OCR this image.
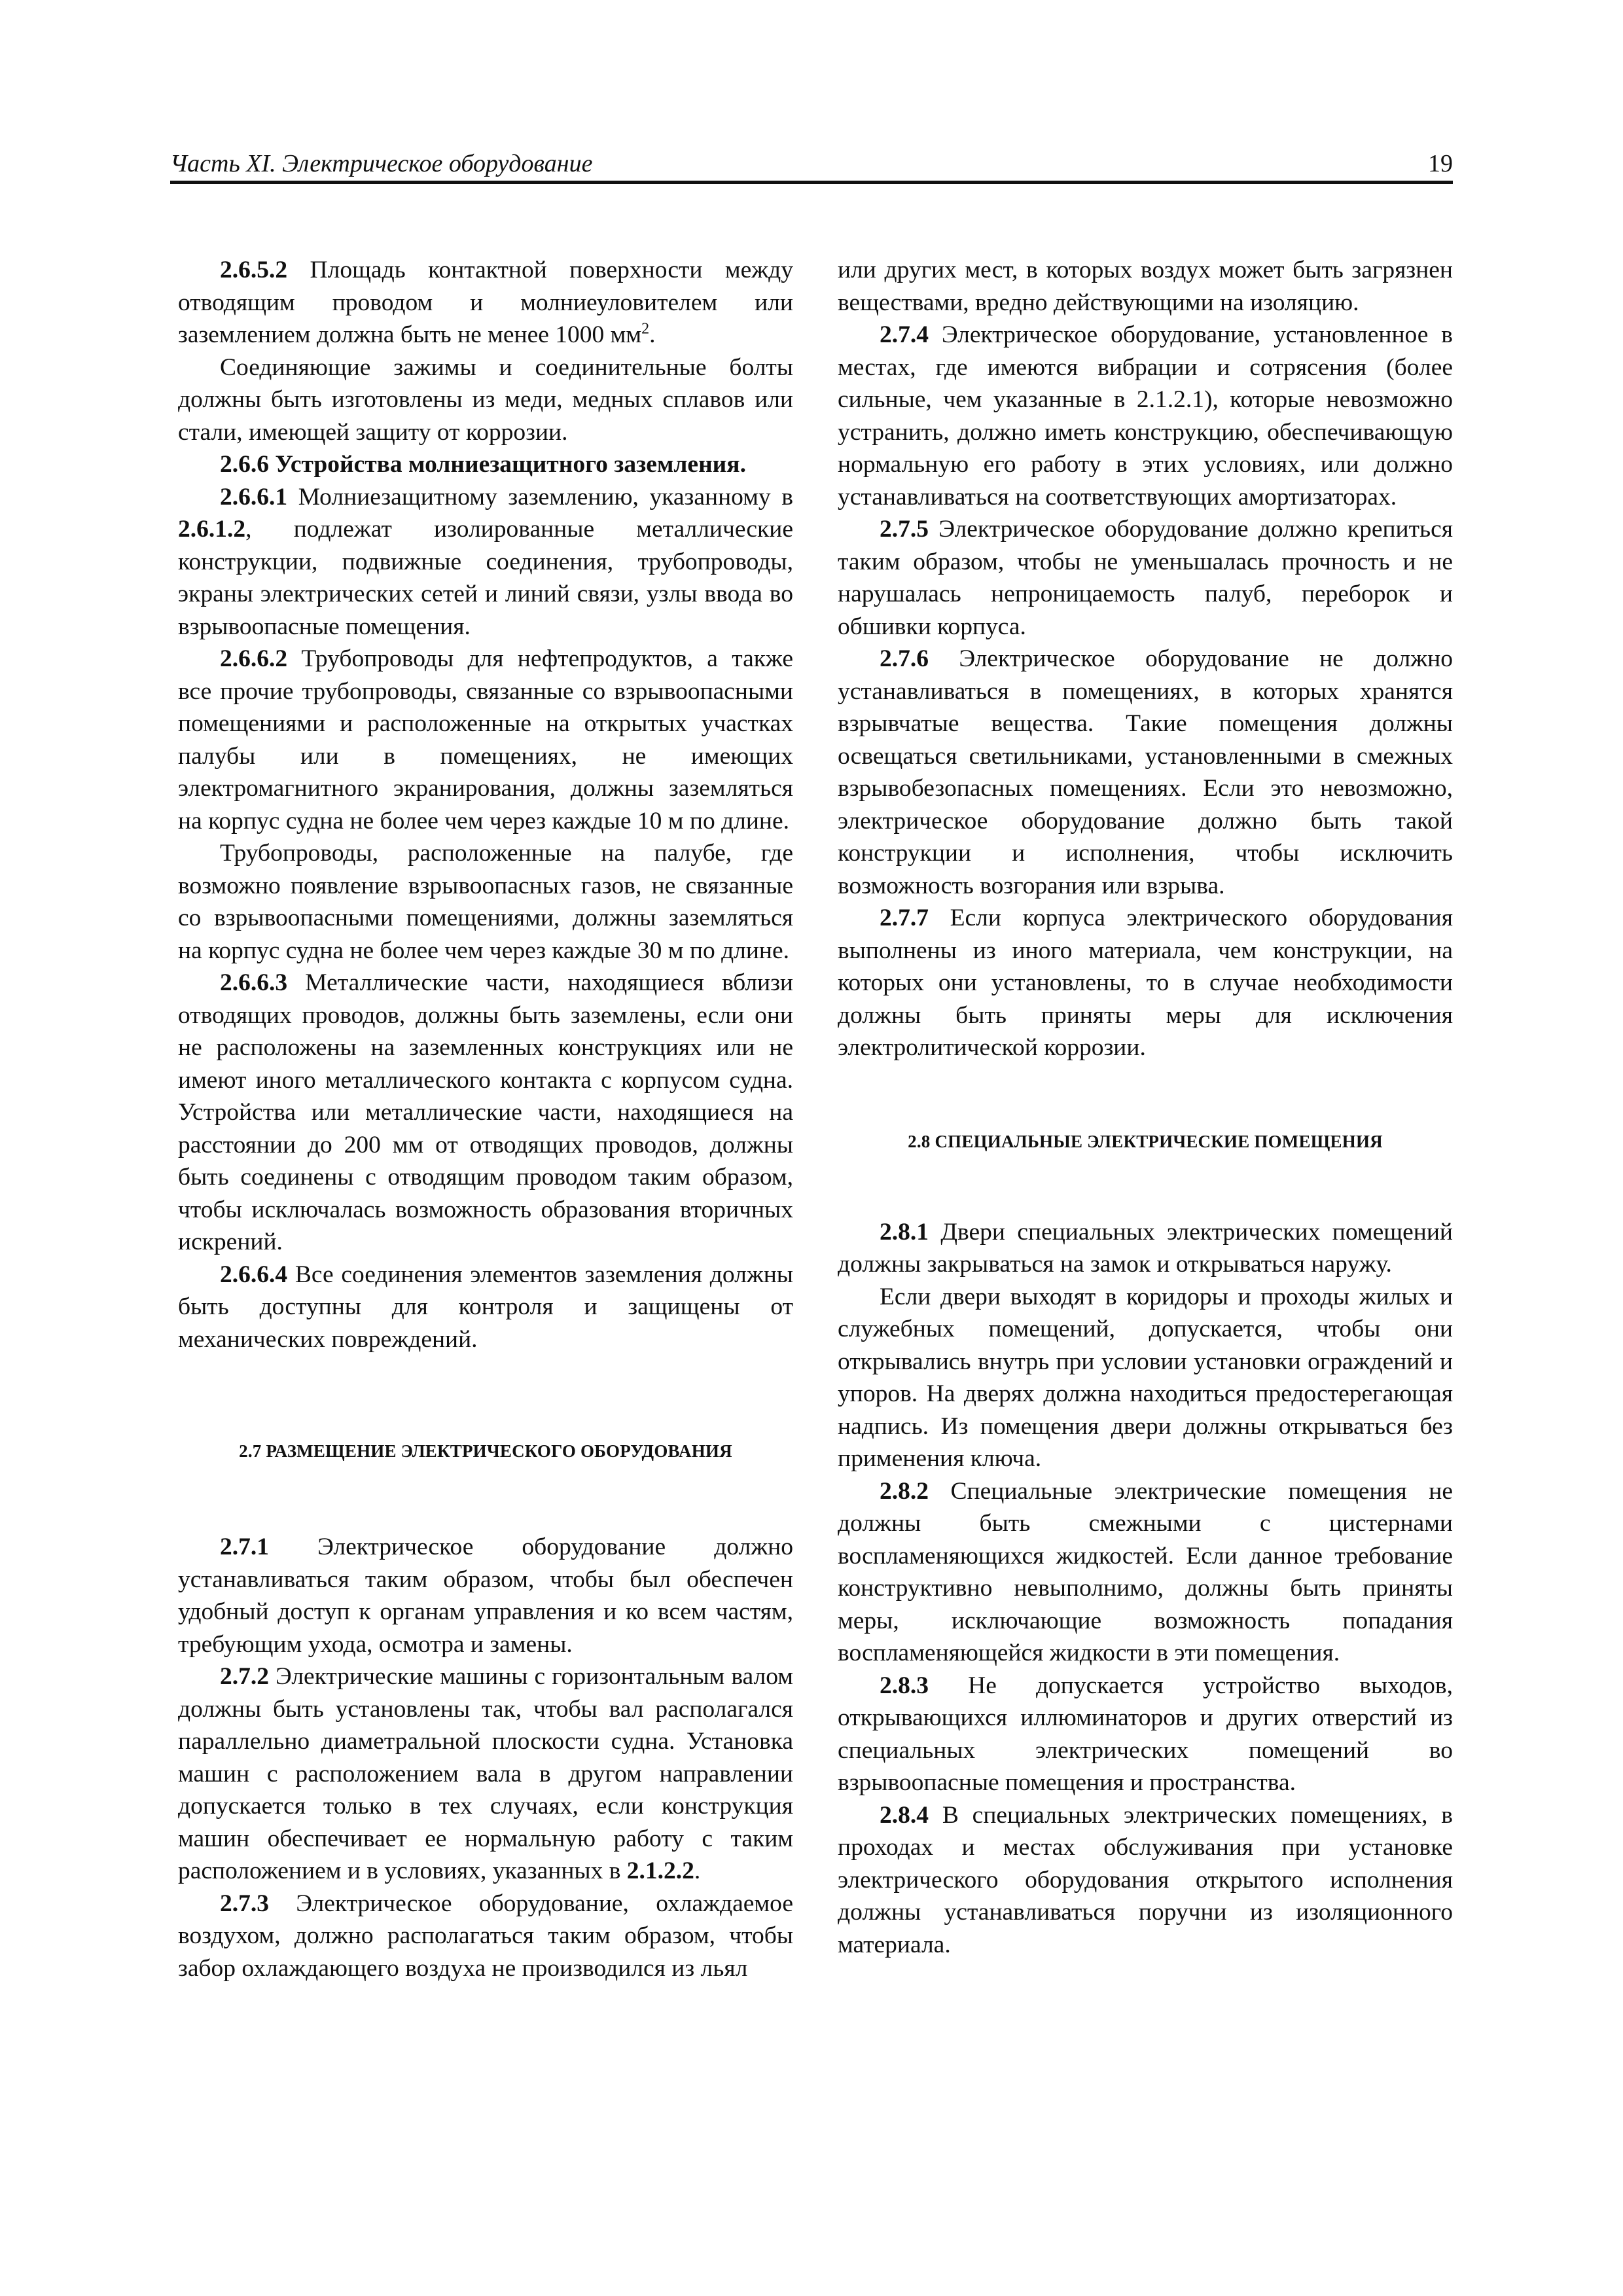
Часть XI. Электрическое оборудование	19

2.6.5.2 Площадь контактной поверхности между отводящим проводом и молниеуловителем или заземлением должна быть не менее 1000 $мм^2$.

Соединяющие зажимы и соединительные болты должны быть изготовлены из меди, медных сплавов или стали, имеющей защиту от коррозии.

2.6.6 Устройства молниезащитного заземления.

2.6.6.1 Молниезащитному заземлению, указанному в 2.6.1.2, подлежат изолированные металлические конструкции, подвижные соединения, трубопроводы, экраны электрических сетей и линий связи, узлы ввода во взрывоопасные помещения.

2.6.6.2 Трубопроводы для нефтепродуктов, а также все прочие трубопроводы, связанные со взрывоопасными помещениями и расположенные на открытых участках палубы или в помещениях, не имеющих электромагнитного экранирования, должны заземляться на корпус судна не более чем через каждые 10 м по длине.

Трубопроводы, расположенные на палубе, где возможно появление взрывоопасных газов, не связанные со взрывоопасными помещениями, должны заземляться на корпус судна не более чем через каждые 30 м по длине.

2.6.6.3 Металлические части, находящиеся вблизи отводящих проводов, должны быть заземлены, если они не расположены на заземленных конструкциях или не имеют иного металлического контакта с корпусом судна. Устройства или металлические части, находящиеся на расстоянии до 200 мм от отводящих проводов, должны быть соединены с отводящим проводом таким образом, чтобы исключалась возможность образования вторичных искрений.

2.6.6.4 Все соединения элементов заземления должны быть доступны для контроля и защищены от механических повреждений.

2.7 РАЗМЕЩЕНИЕ ЭЛЕКТРИЧЕСКОГО ОБОРУДОВАНИЯ

2.7.1 Электрическое оборудование должно устанавливаться таким образом, чтобы был обеспечен удобный доступ к органам управления и ко всем частям, требующим ухода, осмотра и замены.

2.7.2 Электрические машины с горизонтальным валом должны быть установлены так, чтобы вал располагался параллельно диаметральной плоскости судна. Установка машин с расположением вала в другом направлении допускается только в тех случаях, если конструкция машин обеспечивает ее нормальную работу с таким расположением и в условиях, указанных в 2.1.2.2.

2.7.3 Электрическое оборудование, охлаждаемое воздухом, должно располагаться таким образом, чтобы забор охлаждающего воздуха не производился из льял

или других мест, в которых воздух может быть загрязнен веществами, вредно действующими на изоляцию.

2.7.4 Электрическое оборудование, установленное в местах, где имеются вибрации и сотрясения (более сильные, чем указанные в 2.1.2.1), которые невозможно устранить, должно иметь конструкцию, обеспечивающую нормальную его работу в этих условиях, или должно устанавливаться на соответствующих амортизаторах.

2.7.5 Электрическое оборудование должно крепиться таким образом, чтобы не уменьшалась прочность и не нарушалась непроницаемость палуб, переборок и обшивки корпуса.

2.7.6 Электрическое оборудование не должно устанавливаться в помещениях, в которых хранятся взрывчатые вещества. Такие помещения должны освещаться светильниками, установленными в смежных взрывобезопасных помещениях. Если это невозможно, электрическое оборудование должно быть такой конструкции и исполнения, чтобы исключить возможность возгорания или взрыва.

2.7.7 Если корпуса электрического оборудования выполнены из иного материала, чем конструкции, на которых они установлены, то в случае необходимости должны быть приняты меры для исключения электролитической коррозии.

2.8 СПЕЦИАЛЬНЫЕ ЭЛЕКТРИЧЕСКИЕ ПОМЕЩЕНИЯ

2.8.1 Двери специальных электрических помещений должны закрываться на замок и открываться наружу.

Если двери выходят в коридоры и проходы жилых и служебных помещений, допускается, чтобы они открывались внутрь при условии установки ограждений и упоров. На дверях должна находиться предостерегающая надпись. Из помещения двери должны открываться без применения ключа.

2.8.2 Специальные электрические помещения не должны быть смежными с цистернами воспламеняющихся жидкостей. Если данное требование конструктивно невыполнимо, должны быть приняты меры, исключающие возможность попадания воспламеняющейся жидкости в эти помещения.

2.8.3 Не допускается устройство выходов, открывающихся иллюминаторов и других отверстий из специальных электрических помещений во взрывоопасные помещения и пространства.

2.8.4 В специальных электрических помещениях, в проходах и местах обслуживания при установке электрического оборудования открытого исполнения должны устанавливаться поручни из изоляционного материала.
